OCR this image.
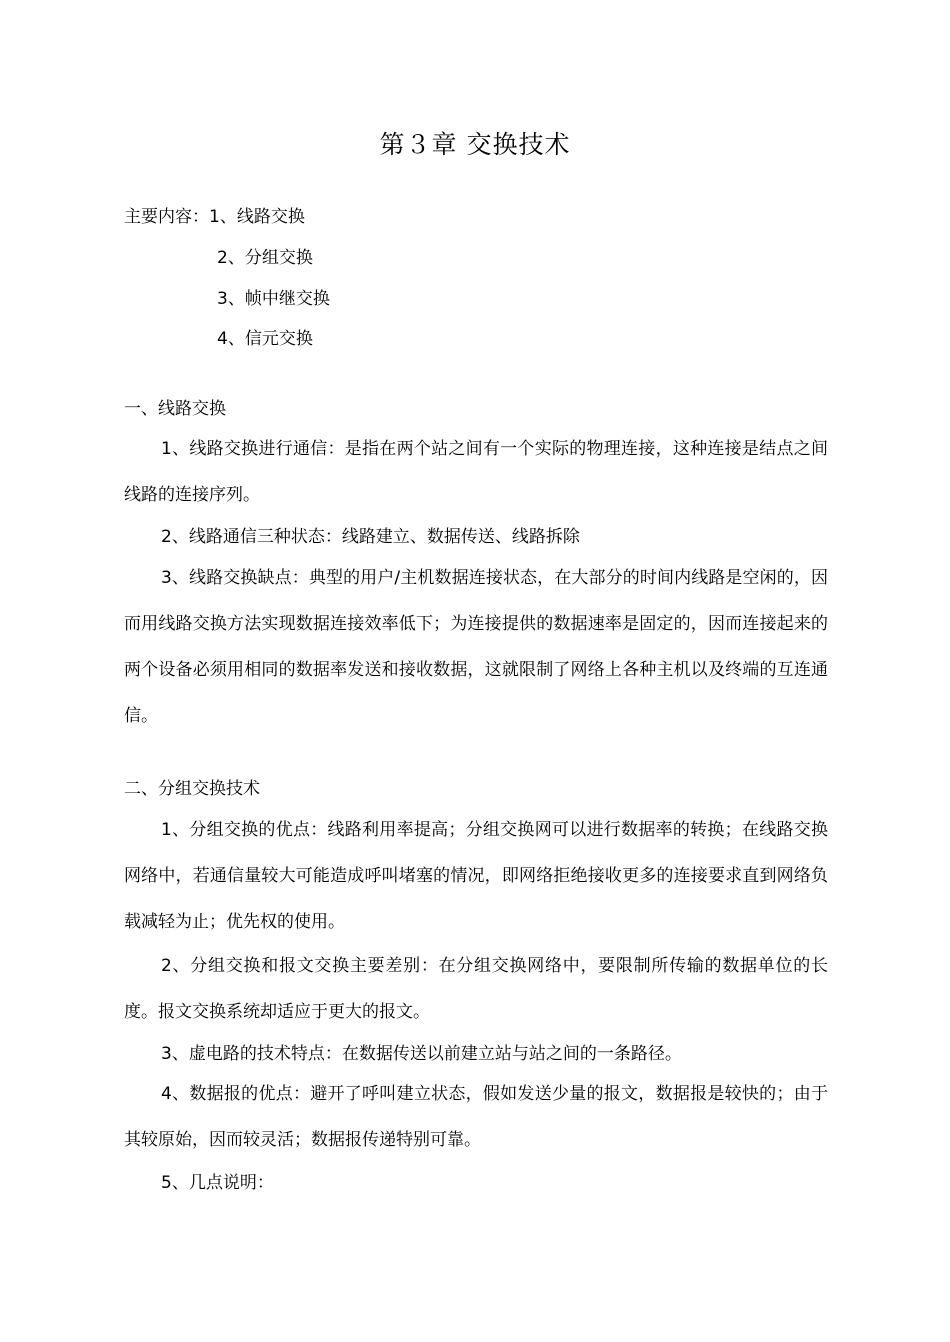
第３章 交换技术
主要内容：1、线路交换
2、分组交换
3、帧中继交换
4、信元交换
一、线路交换

1、线路交换进行通信：是指在两个站之间有一个实际的物理连接，这种连接是结点之间线路的连接序列。

2、线路通信三种状态：线路建立、数据传送、线路拆除

3、线路交换缺点：典型的用户/主机数据连接状态，在大部分的时间内线路是空闲的，因而用线路交换方法实现数据连接效率低下；为连接提供的数据速率是固定的，因而连接起来的两个设备必须用相同的数据率发送和接收数据，这就限制了网络上各种主机以及终端的互连通信。

二、分组交换技术

1、分组交换的优点：线路利用率提高；分组交换网可以进行数据率的转换；在线路交换网络中，若通信量较大可能造成呼叫堵塞的情况，即网络拒绝接收更多的连接要求直到网络负载减轻为止；优先权的使用。

2、分组交换和报文交换主要差别：在分组交换网络中，要限制所传输的数据单位的长度。报文交换系统却适应于更大的报文。

3、虚电路的技术特点：在数据传送以前建立站与站之间的一条路径。

4、数据报的优点：避开了呼叫建立状态，假如发送少量的报文，数据报是较快的；由于其较原始，因而较灵活；数据报传递特别可靠。

5、几点说明：
